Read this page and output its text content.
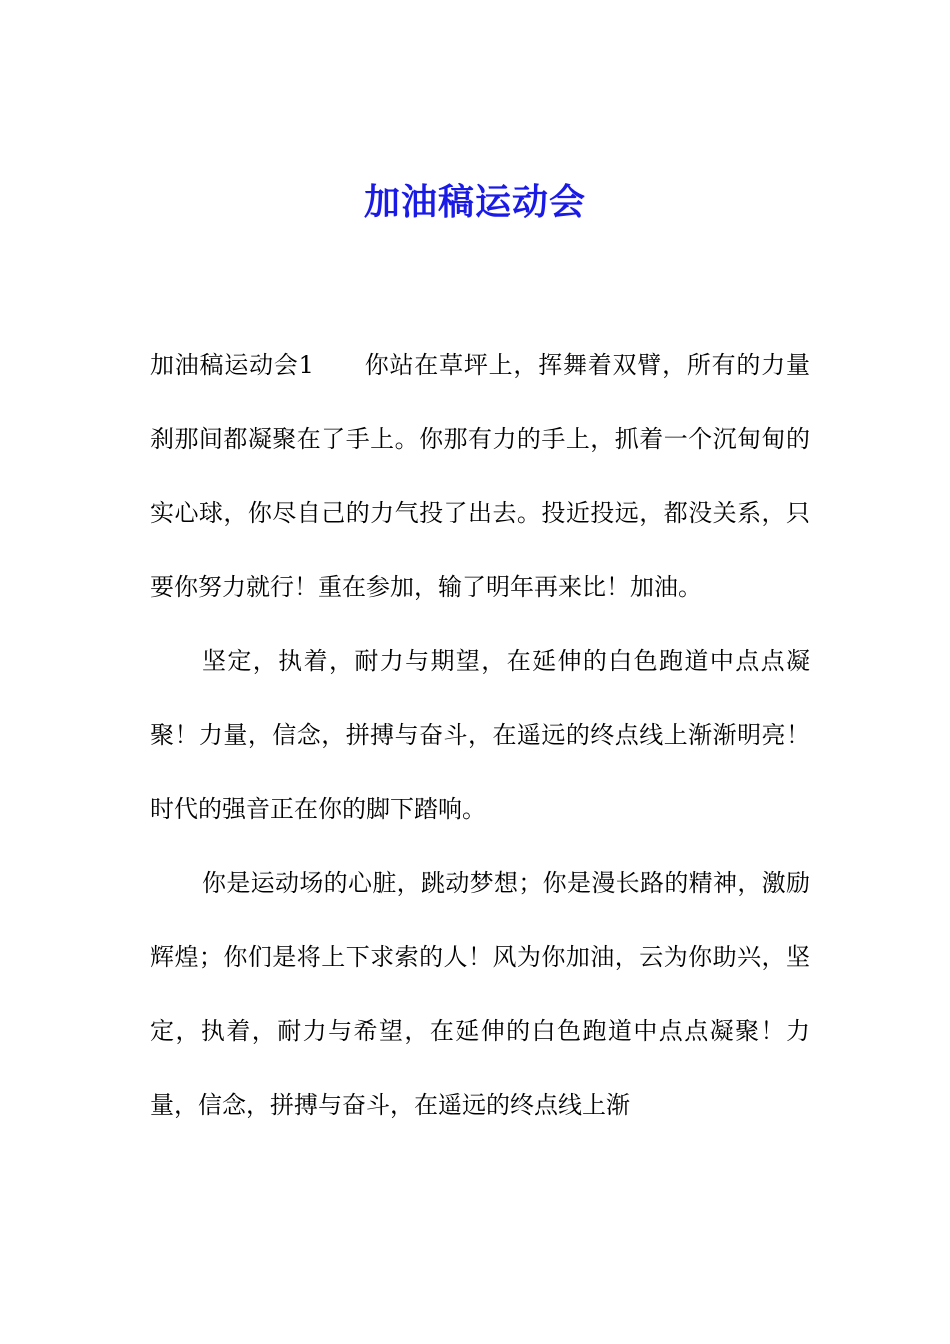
加油稿运动会

加油稿运动会1 你站在草坪上，挥舞着双臂，所有的力量刹那间都凝聚在了手上。你那有力的手上，抓着一个沉甸甸的实心球，你尽自己的力气投了出去。投近投远，都没关系，只要你努力就行！重在参加，输了明年再来比！加油。

坚定，执着，耐力与期望，在延伸的白色跑道中点点凝聚！力量，信念，拼搏与奋斗，在遥远的终点线上渐渐明亮！时代的强音正在你的脚下踏响。

你是运动场的心脏，跳动梦想；你是漫长路的精神，激励辉煌；你们是将上下求索的人！风为你加油，云为你助兴，坚定，执着，耐力与希望，在延伸的白色跑道中点点凝聚！力量，信念，拼搏与奋斗，在遥远的终点线上渐
